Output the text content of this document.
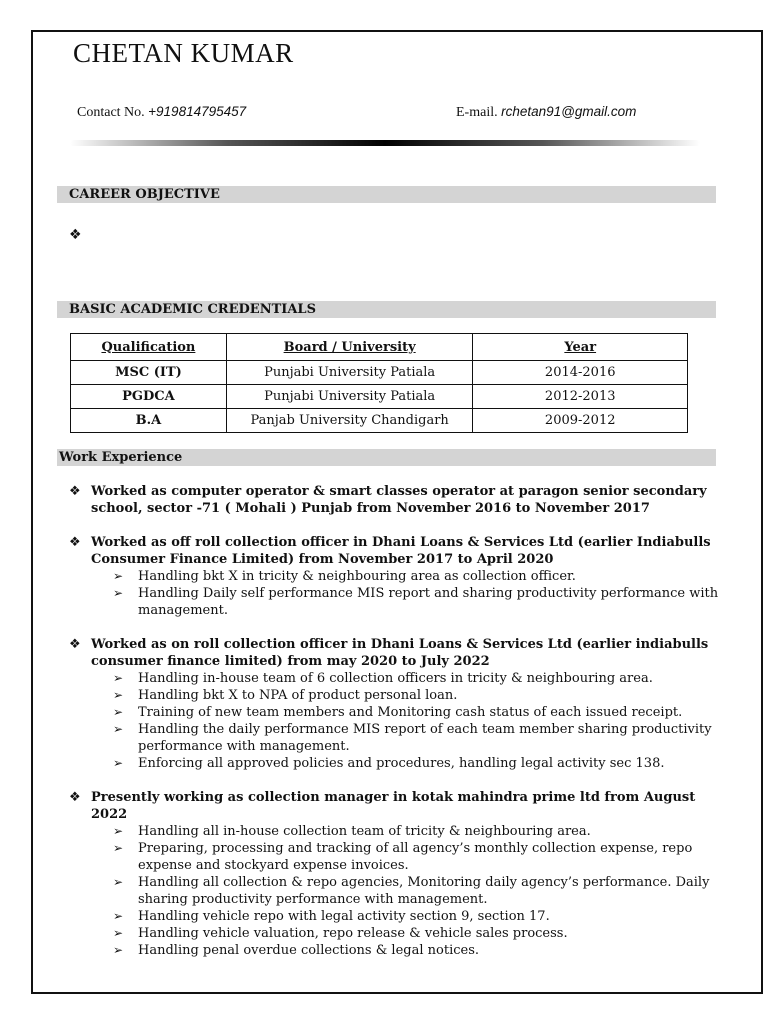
CHETAN KUMAR
Contact No. +919814795457	E-mail. rchetan91@gmail.com
CAREER OBJECTIVE
❖
BASIC ACADEMIC CREDENTIALS
Qualification	Board / University	Year
MSC (IT)	Punjabi University Patiala	2014-2016
PGDCA	Punjabi University Patiala	2012-2013
B.A	Panjab University Chandigarh	2009-2012
Work Experience
❖ Worked as computer operator & smart classes operator at paragon senior secondary school, sector -71 ( Mohali ) Punjab from November 2016 to November 2017
❖ Worked as off roll collection officer in Dhani Loans & Services Ltd (earlier Indiabulls Consumer Finance Limited) from November 2017 to April 2020
➢	Handling bkt X in tricity & neighbouring area as collection officer.
➢	Handling Daily self performance MIS report and sharing productivity performance with management.
❖ Worked as on roll collection officer in Dhani Loans & Services Ltd (earlier indiabulls consumer finance limited) from may 2020 to July 2022
➢	Handling in-house team of 6 collection officers in tricity & neighbouring area.
➢	Handling bkt X to NPA of product personal loan.
➢	Training of new team members and Monitoring cash status of each issued receipt.
➢	Handling the daily performance MIS report of each team member sharing productivity performance with management.
➢	Enforcing all approved policies and procedures, handling legal activity sec 138.
❖ Presently working as collection manager in kotak mahindra prime ltd from August 2022
➢	Handling all in-house collection team of tricity & neighbouring area.
➢	Preparing, processing and tracking of all agency’s monthly collection expense, repo expense and stockyard expense invoices.
➢	Handling all collection & repo agencies, Monitoring daily agency’s performance. Daily sharing productivity performance with management.
➢	Handling vehicle repo with legal activity section 9, section 17.
➢	Handling vehicle valuation, repo release & vehicle sales process.
➢	Handling penal overdue collections & legal notices.
